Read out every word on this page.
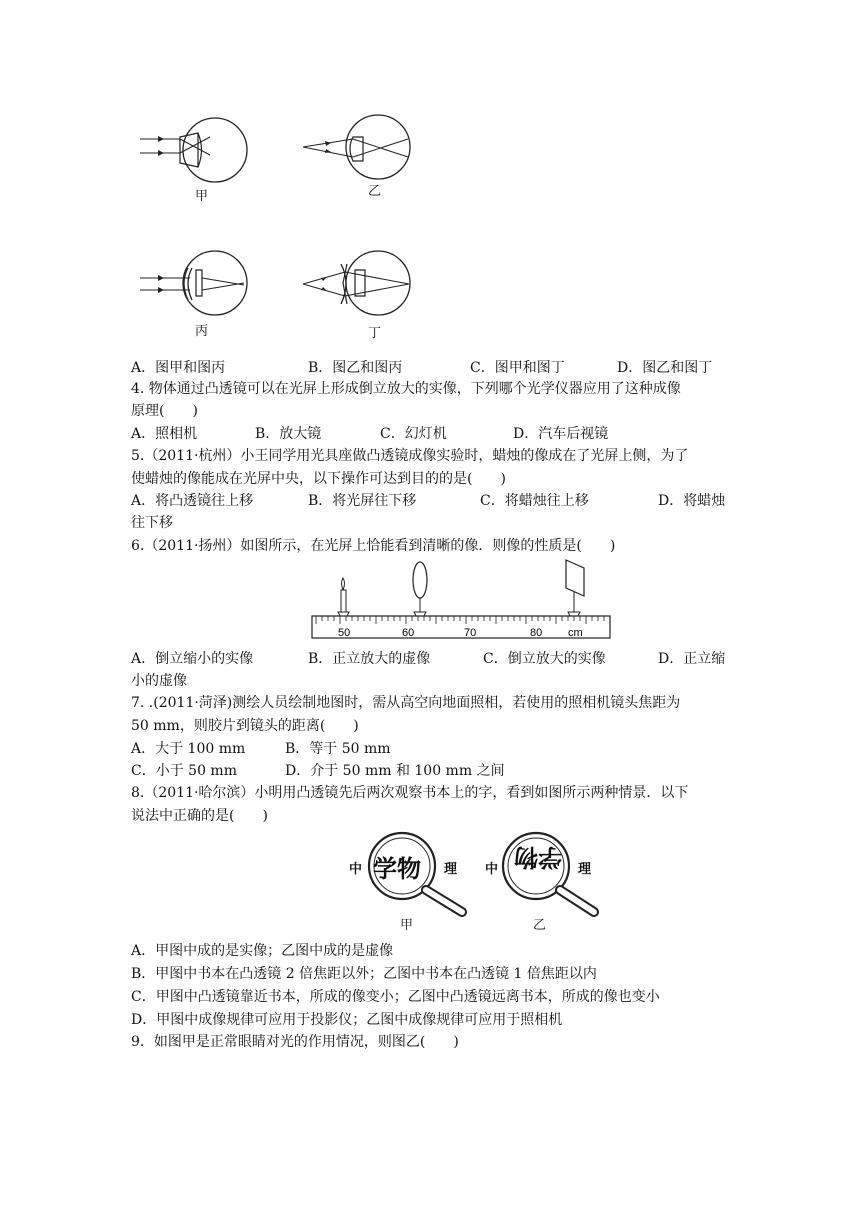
甲	乙
丙	丁
A．图甲和图丙	B．图乙和图丙	C．图甲和图丁	D．图乙和图丁
4. 物体通过凸透镜可以在光屏上形成倒立放大的实像，下列哪个光学仪器应用了这种成像
原理(　　)
A．照相机	B．放大镜	C．幻灯机	D．汽车后视镜
5.（2011·杭州）小王同学用光具座做凸透镜成像实验时，蜡烛的像成在了光屏上侧，为了
使蜡烛的像能成在光屏中央，以下操作可达到目的的是(　　)
A．将凸透镜往上移	B．将光屏往下移	C．将蜡烛往上移	D．将蜡烛
往下移
6.（2011·扬州）如图所示，在光屏上恰能看到清晰的像．则像的性质是(　　)
50	60	70	80 cm
A．倒立缩小的实像	B．正立放大的虚像	C．倒立放大的实像	D．正立缩
小的虚像
7. .(2011·菏泽)测绘人员绘制地图时，需从高空向地面照相，若使用的照相机镜头焦距为
50 mm，则胶片到镜头的距离(　　)
A．大于 100 mm	B．等于 50 mm
C．小于 50 mm	D．介于 50 mm 和 100 mm 之间
8.（2011·哈尔滨）小明用凸透镜先后两次观察书本上的字，看到如图所示两种情景．以下
说法中正确的是(　　)
中 学物 理
甲
中 学物 理
乙
A．甲图中成的是实像；乙图中成的是虚像
B．甲图中书本在凸透镜 2 倍焦距以外；乙图中书本在凸透镜 1 倍焦距以内
C．甲图中凸透镜靠近书本，所成的像变小；乙图中凸透镜远离书本，所成的像也变小
D．甲图中成像规律可应用于投影仪；乙图中成像规律可应用于照相机
9．如图甲是正常眼睛对光的作用情况，则图乙(　　)
